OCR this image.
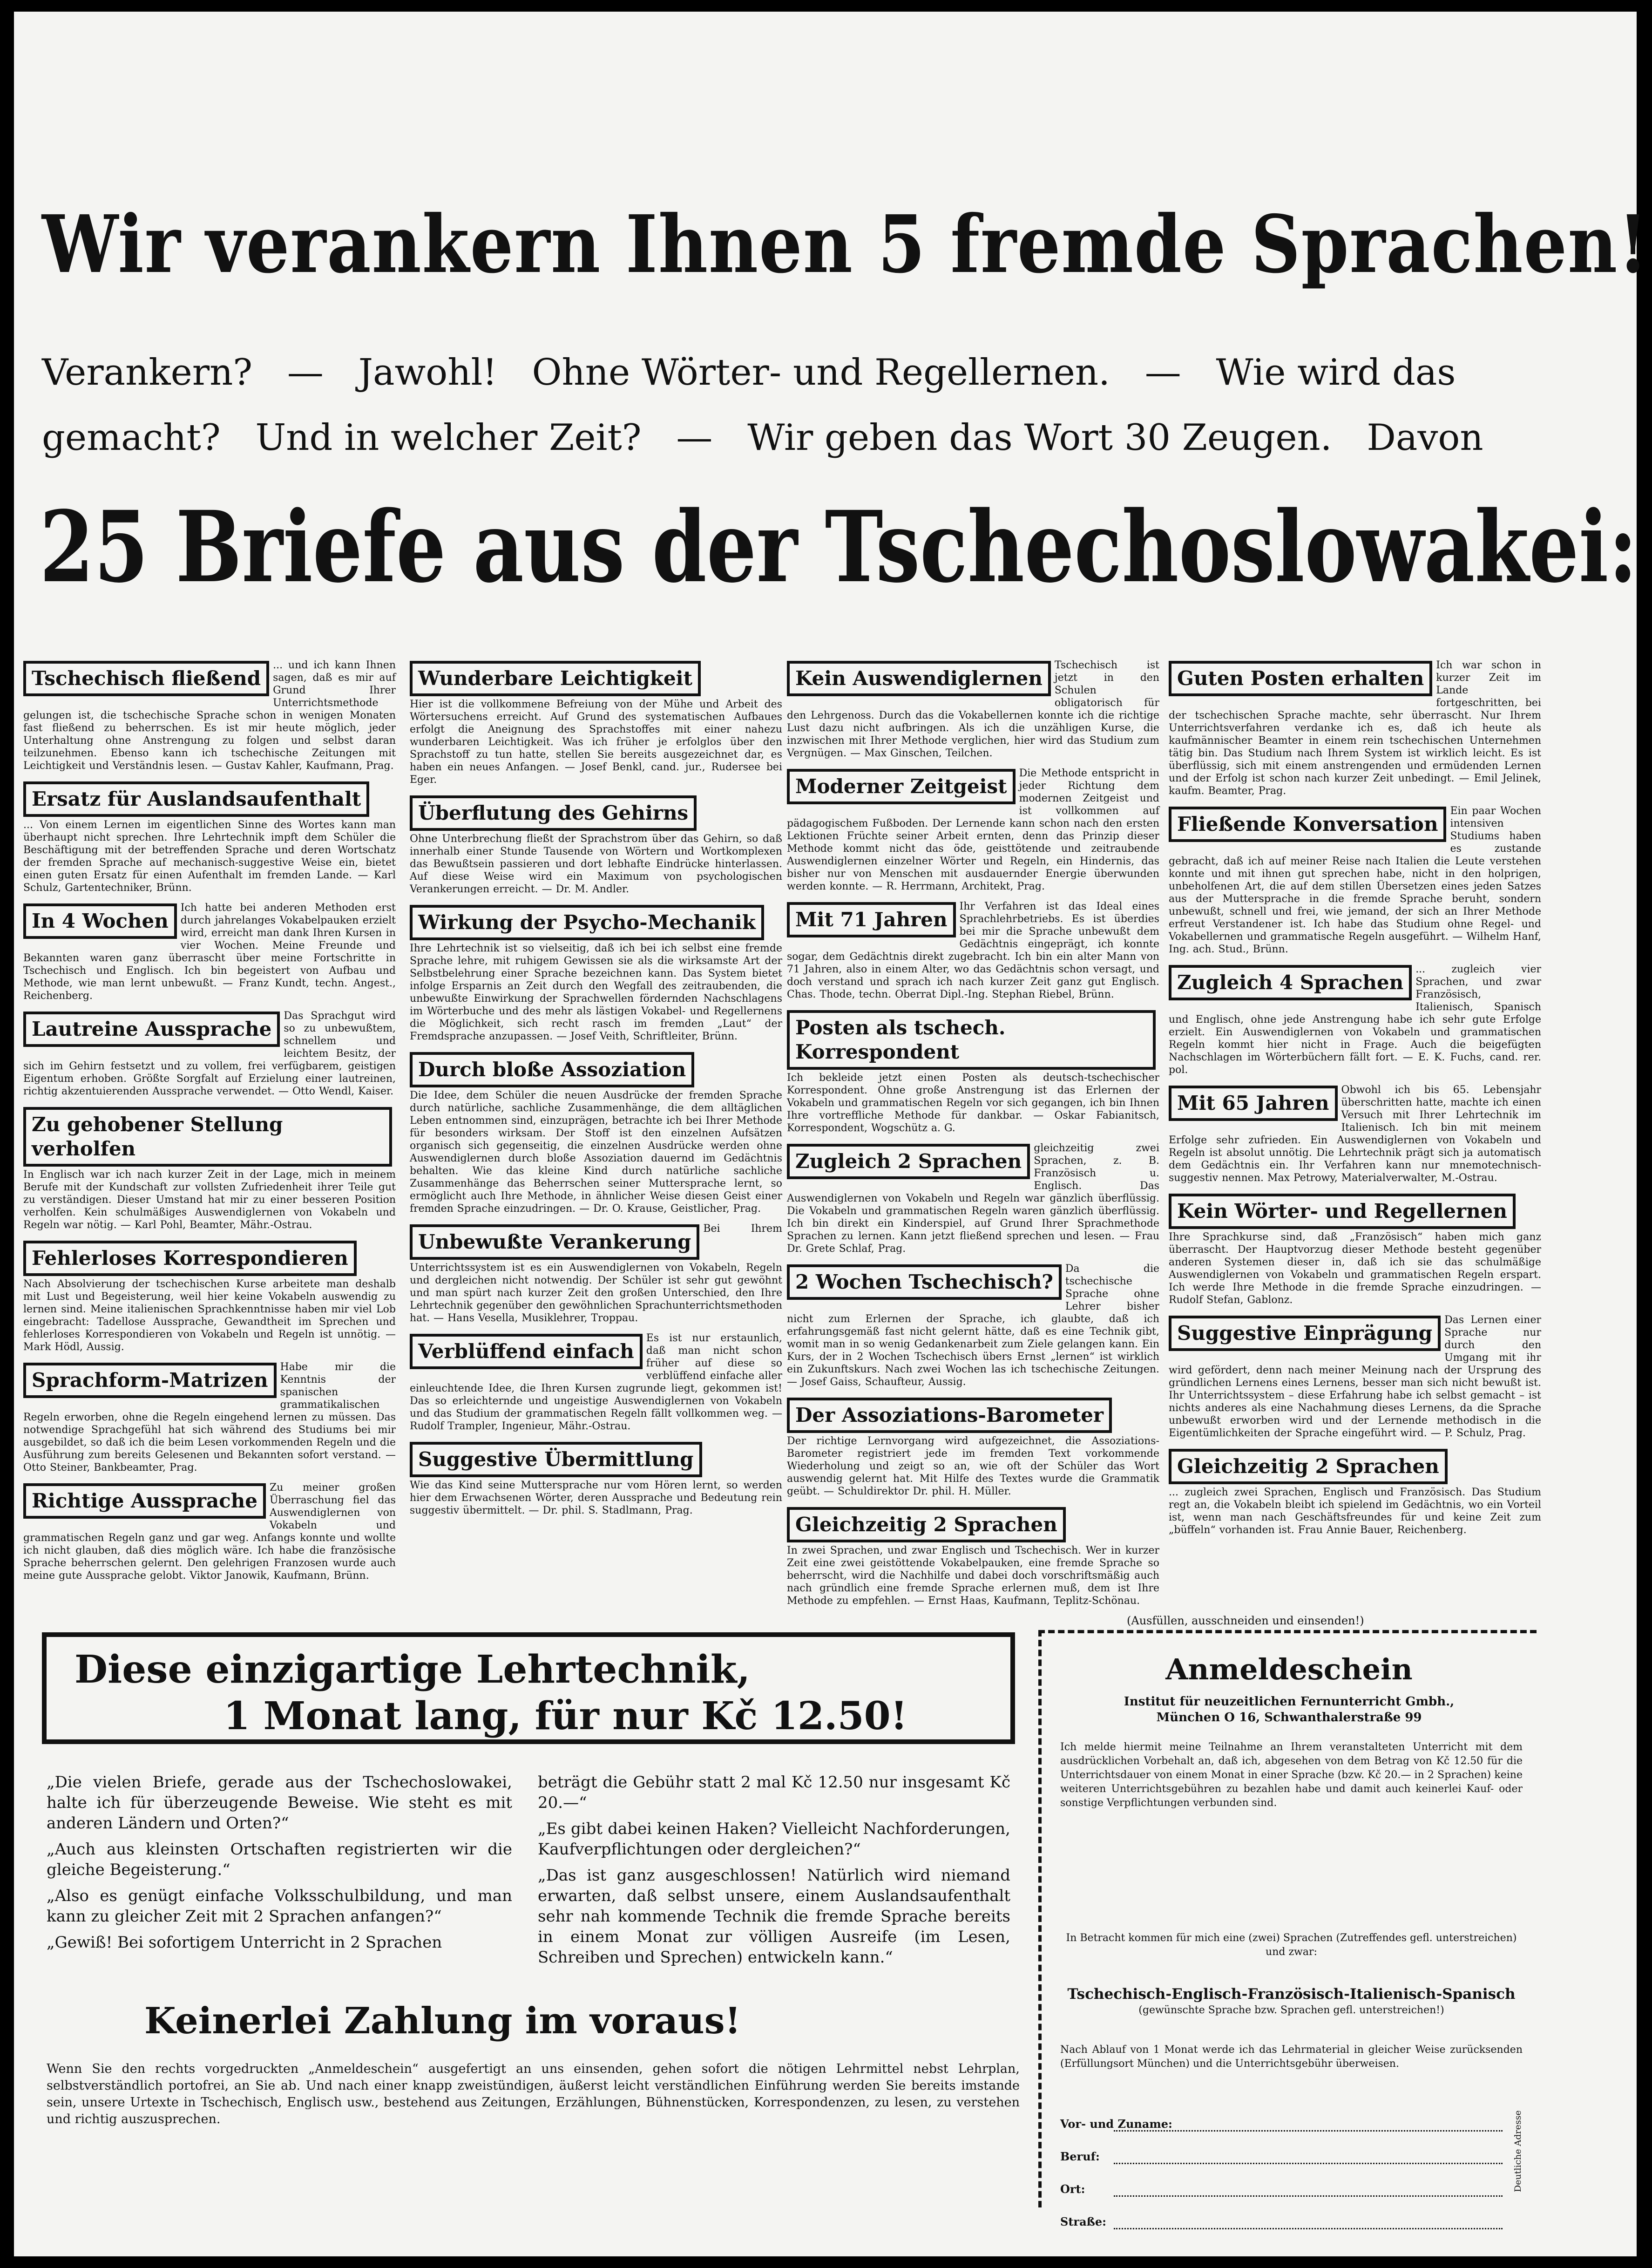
Wir verankern Ihnen 5 fremde Sprachen!
Verankern? — Jawohl! Ohne Wörter- und Regellernen. — Wie wird das
gemacht? Und in welcher Zeit? — Wir geben das Wort 30 Zeugen. Davon
25 Briefe aus der Tschechoslowakei:
Tschechisch fließend
... und ich kann Ihnen sagen, daß es mir auf Grund Ihrer Unterrichtsmethode gelungen ist, die tschechische Sprache schon in wenigen Monaten fast fließend zu beherrschen. Es ist mir heute möglich, jeder Unterhaltung ohne Anstrengung zu folgen und selbst daran teilzunehmen. Ebenso kann ich tschechische Zeitungen mit Leichtigkeit und Verständnis lesen. — Gustav Kahler, Kaufmann, Prag.
Ersatz für Auslandsaufenthalt
... Von einem Lernen im eigentlichen Sinne des Wortes kann man überhaupt nicht sprechen. Ihre Lehrtechnik impft dem Schüler die Beschäftigung mit der betreffenden Sprache und deren Wortschatz der fremden Sprache auf mechanisch-suggestive Weise ein, bietet einen guten Ersatz für einen Aufenthalt im fremden Lande. — Karl Schulz, Gartentechniker, Brünn.
In 4 Wochen
Ich hatte bei anderen Methoden erst durch jahrelanges Vokabelpauken erzielt wird, erreicht man dank Ihren Kursen in vier Wochen. Meine Freunde und Bekannten waren ganz überrascht über meine Fortschritte in Tschechisch und Englisch. Ich bin begeistert von Aufbau und Methode, wie man lernt unbewußt. — Franz Kundt, techn. Angest., Reichenberg.
Lautreine Aussprache
Das Sprachgut wird so zu unbewußtem, schnellem und leichtem Besitz, der sich im Gehirn festsetzt und zu vollem, frei verfügbarem, geistigen Eigentum erhoben. Größte Sorgfalt auf Erzielung einer lautreinen, richtig akzentuierenden Aussprache verwendet. — Otto Wendl, Kaiser.
Zu gehobener Stellung verholfen
In Englisch war ich nach kurzer Zeit in der Lage, mich in meinem Berufe mit der Kundschaft zur vollsten Zufriedenheit ihrer Teile gut zu verständigen. Dieser Umstand hat mir zu einer besseren Position verholfen. Kein schulmäßiges Auswendiglernen von Vokabeln und Regeln war nötig. — Karl Pohl, Beamter, Mähr.-Ostrau.
Fehlerloses Korrespondieren
Nach Absolvierung der tschechischen Kurse arbeitete man deshalb mit Lust und Begeisterung, weil hier keine Vokabeln auswendig zu lernen sind. Meine italienischen Sprachkenntnisse haben mir viel Lob eingebracht: Tadellose Aussprache, Gewandtheit im Sprechen und fehlerloses Korrespondieren von Vokabeln und Regeln ist unnötig. — Mark Hödl, Aussig.
Sprachform-Matrizen
Habe mir die Kenntnis der spanischen grammatikalischen Regeln erworben, ohne die Regeln eingehend lernen zu müssen. Das notwendige Sprachgefühl hat sich während des Studiums bei mir ausgebildet, so daß ich die beim Lesen vorkommenden Regeln und die Ausführung zum bereits Gelesenen und Bekannten sofort verstand. — Otto Steiner, Bankbeamter, Prag.
Richtige Aussprache
Zu meiner großen Überraschung fiel das Auswendiglernen von Vokabeln und grammatischen Regeln ganz und gar weg. Anfangs konnte und wollte ich nicht glauben, daß dies möglich wäre. Ich habe die französische Sprache beherrschen gelernt. Den gelehrigen Franzosen wurde auch meine gute Aussprache gelobt. Viktor Janowik, Kaufmann, Brünn.
Wunderbare Leichtigkeit
Hier ist die vollkommene Befreiung von der Mühe und Arbeit des Wörtersuchens erreicht. Auf Grund des systematischen Aufbaues erfolgt die Aneignung des Sprachstoffes mit einer nahezu wunderbaren Leichtigkeit. Was ich früher je erfolglos über den Sprachstoff zu tun hatte, stellen Sie bereits ausgezeichnet dar, es haben ein neues Anfangen. — Josef Benkl, cand. jur., Rudersee bei Eger.
Überflutung des Gehirns
Ohne Unterbrechung fließt der Sprachstrom über das Gehirn, so daß innerhalb einer Stunde Tausende von Wörtern und Wortkomplexen das Bewußtsein passieren und dort lebhafte Eindrücke hinterlassen. Auf diese Weise wird ein Maximum von psychologischen Verankerungen erreicht. — Dr. M. Andler.
Wirkung der Psycho-Mechanik
Ihre Lehrtechnik ist so vielseitig, daß ich bei ich selbst eine fremde Sprache lehre, mit ruhigem Gewissen sie als die wirksamste Art der Selbstbelehrung einer Sprache bezeichnen kann. Das System bietet infolge Ersparnis an Zeit durch den Wegfall des zeitraubenden, die unbewußte Einwirkung der Sprachwellen fördernden Nachschlagens im Wörterbuche und des mehr als lästigen Vokabel- und Regellernens die Möglichkeit, sich recht rasch im fremden „Laut“ der Fremdsprache anzupassen. — Josef Veith, Schriftleiter, Brünn.
Durch bloße Assoziation
Die Idee, dem Schüler die neuen Ausdrücke der fremden Sprache durch natürliche, sachliche Zusammenhänge, die dem alltäglichen Leben entnommen sind, einzuprägen, betrachte ich bei Ihrer Methode für besonders wirksam. Der Stoff ist den einzelnen Aufsätzen organisch sich gegenseitig, die einzelnen Ausdrücke werden ohne Auswendiglernen durch bloße Assoziation dauernd im Gedächtnis behalten. Wie das kleine Kind durch natürliche sachliche Zusammenhänge das Beherrschen seiner Muttersprache lernt, so ermöglicht auch Ihre Methode, in ähnlicher Weise diesen Geist einer fremden Sprache einzudringen. — Dr. O. Krause, Geistlicher, Prag.
Unbewußte Verankerung
Bei Ihrem Unterrichtssystem ist es ein Auswendiglernen von Vokabeln, Regeln und dergleichen nicht notwendig. Der Schüler ist sehr gut gewöhnt und man spürt nach kurzer Zeit den großen Unterschied, den Ihre Lehrtechnik gegenüber den gewöhnlichen Sprachunterrichtsmethoden hat. — Hans Vesella, Musiklehrer, Troppau.
Verblüffend einfach
Es ist nur erstaunlich, daß man nicht schon früher auf diese so verblüffend einfache aller einleuchtende Idee, die Ihren Kursen zugrunde liegt, gekommen ist! Das so erleichternde und ungeistige Auswendiglernen von Vokabeln und das Studium der grammatischen Regeln fällt vollkommen weg. — Rudolf Trampler, Ingenieur, Mähr.-Ostrau.
Suggestive Übermittlung
Wie das Kind seine Muttersprache nur vom Hören lernt, so werden hier dem Erwachsenen Wörter, deren Aussprache und Bedeutung rein suggestiv übermittelt. — Dr. phil. S. Stadlmann, Prag.
Kein Auswendiglernen
Tschechisch ist jetzt in den Schulen obligatorisch für den Lehrgenoss. Durch das die Vokabellernen konnte ich die richtige Lust dazu nicht aufbringen. Als ich die unzähligen Kurse, die inzwischen mit Ihrer Methode verglichen, hier wird das Studium zum Vergnügen. — Max Ginschen, Teilchen.
Moderner Zeitgeist
Die Methode entspricht in jeder Richtung dem modernen Zeitgeist und ist vollkommen auf pädagogischem Fußboden. Der Lernende kann schon nach den ersten Lektionen Früchte seiner Arbeit ernten, denn das Prinzip dieser Methode kommt nicht das öde, geisttötende und zeitraubende Auswendiglernen einzelner Wörter und Regeln, ein Hindernis, das bisher nur von Menschen mit ausdauernder Energie überwunden werden konnte. — R. Herrmann, Architekt, Prag.
Mit 71 Jahren
Ihr Verfahren ist das Ideal eines Sprachlehrbetriebs. Es ist überdies bei mir die Sprache unbewußt dem Gedächtnis eingeprägt, ich konnte sogar, dem Gedächtnis direkt zugebracht. Ich bin ein alter Mann von 71 Jahren, also in einem Alter, wo das Gedächtnis schon versagt, und doch verstand und sprach ich nach kurzer Zeit ganz gut Englisch. Chas. Thode, techn. Oberrat Dipl.-Ing. Stephan Riebel, Brünn.
Posten als tschech. Korrespondent
Ich bekleide jetzt einen Posten als deutsch-tschechischer Korrespondent. Ohne große Anstrengung ist das Erlernen der Vokabeln und grammatischen Regeln vor sich gegangen, ich bin Ihnen Ihre vortreffliche Methode für dankbar. — Oskar Fabianitsch, Korrespondent, Wogschütz a. G.
Zugleich 2 Sprachen
gleichzeitig zwei Sprachen, z. B. Französisch u. Englisch. Das Auswendiglernen von Vokabeln und Regeln war gänzlich überflüssig. Die Vokabeln und grammatischen Regeln waren gänzlich überflüssig. Ich bin direkt ein Kinderspiel, auf Grund Ihrer Sprachmethode Sprachen zu lernen. Kann jetzt fließend sprechen und lesen. — Frau Dr. Grete Schlaf, Prag.
2 Wochen Tschechisch?
Da die tschechische Sprache ohne Lehrer bisher nicht zum Erlernen der Sprache, ich glaubte, daß ich erfahrungsgemäß fast nicht gelernt hätte, daß es eine Technik gibt, womit man in so wenig Gedankenarbeit zum Ziele gelangen kann. Ein Kurs, der in 2 Wochen Tschechisch übers Ernst „lernen“ ist wirklich ein Zukunftskurs. Nach zwei Wochen las ich tschechische Zeitungen. — Josef Gaiss, Schaufteur, Aussig.
Der Assoziations-Barometer
Der richtige Lernvorgang wird aufgezeichnet, die Assoziations-Barometer registriert jede im fremden Text vorkommende Wiederholung und zeigt so an, wie oft der Schüler das Wort auswendig gelernt hat. Mit Hilfe des Textes wurde die Grammatik geübt. — Schuldirektor Dr. phil. H. Müller.
Gleichzeitig 2 Sprachen
In zwei Sprachen, und zwar Englisch und Tschechisch. Wer in kurzer Zeit eine zwei geistöttende Vokabelpauken, eine fremde Sprache so beherrscht, wird die Nachhilfe und dabei doch vorschriftsmäßig auch nach gründlich eine fremde Sprache erlernen muß, dem ist Ihre Methode zu empfehlen. — Ernst Haas, Kaufmann, Teplitz-Schönau.
Guten Posten erhalten
Ich war schon in kurzer Zeit im Lande fortgeschritten, bei der tschechischen Sprache machte, sehr überrascht. Nur Ihrem Unterrichtsverfahren verdanke ich es, daß ich heute als kaufmännischer Beamter in einem rein tschechischen Unternehmen tätig bin. Das Studium nach Ihrem System ist wirklich leicht. Es ist überflüssig, sich mit einem anstrengenden und ermüdenden Lernen und der Erfolg ist schon nach kurzer Zeit unbedingt. — Emil Jelinek, kaufm. Beamter, Prag.
Fließende Konversation
Ein paar Wochen intensiven Studiums haben es zustande gebracht, daß ich auf meiner Reise nach Italien die Leute verstehen konnte und mit ihnen gut sprechen habe, nicht in den holprigen, unbeholfenen Art, die auf dem stillen Übersetzen eines jeden Satzes aus der Muttersprache in die fremde Sprache beruht, sondern unbewußt, schnell und frei, wie jemand, der sich an Ihrer Methode erfreut Verstandener ist. Ich habe das Studium ohne Regel- und Vokabellernen und grammatische Regeln ausgeführt. — Wilhelm Hanf, Ing. ach. Stud., Brünn.
Zugleich 4 Sprachen
... zugleich vier Sprachen, und zwar Französisch, Italienisch, Spanisch und Englisch, ohne jede Anstrengung habe ich sehr gute Erfolge erzielt. Ein Auswendiglernen von Vokabeln und grammatischen Regeln kommt hier nicht in Frage. Auch die beigefügten Nachschlagen im Wörterbüchern fällt fort. — E. K. Fuchs, cand. rer. pol.
Mit 65 Jahren
Obwohl ich bis 65. Lebensjahr überschritten hatte, machte ich einen Versuch mit Ihrer Lehrtechnik im Italienisch. Ich bin mit meinem Erfolge sehr zufrieden. Ein Auswendiglernen von Vokabeln und Regeln ist absolut unnötig. Die Lehrtechnik prägt sich ja automatisch dem Gedächtnis ein. Ihr Verfahren kann nur mnemotechnisch-suggestiv nennen. Max Petrowy, Materialverwalter, M.-Ostrau.
Kein Wörter- und Regellernen
Ihre Sprachkurse sind, daß „Französisch“ haben mich ganz überrascht. Der Hauptvorzug dieser Methode besteht gegenüber anderen Systemen dieser in, daß ich sie das schulmäßige Auswendiglernen von Vokabeln und grammatischen Regeln erspart. Ich werde Ihre Methode in die fremde Sprache einzudringen. — Rudolf Stefan, Gablonz.
Suggestive Einprägung
Das Lernen einer Sprache nur durch den Umgang mit ihr wird gefördert, denn nach meiner Meinung nach der Ursprung des gründlichen Lernens eines Lernens, besser man sich nicht bewußt ist. Ihr Unterrichtssystem – diese Erfahrung habe ich selbst gemacht – ist nichts anderes als eine Nachahmung dieses Lernens, da die Sprache unbewußt erworben wird und der Lernende methodisch in die Eigentümlichkeiten der Sprache eingeführt wird. — P. Schulz, Prag.
Gleichzeitig 2 Sprachen
... zugleich zwei Sprachen, Englisch und Französisch. Das Studium regt an, die Vokabeln bleibt ich spielend im Gedächtnis, wo ein Vorteil ist, wenn man nach Geschäftsfreundes für und keine Zeit zum „büffeln“ vorhanden ist. Frau Annie Bauer, Reichenberg.
Diese einzigartige Lehrtechnik,
1 Monat lang, für nur Kč 12.50!

„Die vielen Briefe, gerade aus der Tschechoslowakei, halte ich für überzeugende Beweise. Wie steht es mit anderen Ländern und Orten?“

„Auch aus kleinsten Ortschaften registrierten wir die gleiche Begeisterung.“

„Also es genügt einfache Volksschulbildung, und man kann zu gleicher Zeit mit 2 Sprachen anfangen?“

„Gewiß! Bei sofortigem Unterricht in 2 Sprachen

beträgt die Gebühr statt 2 mal Kč 12.50 nur insgesamt Kč 20.—“

„Es gibt dabei keinen Haken? Vielleicht Nachforderungen, Kaufverpflichtungen oder dergleichen?“

„Das ist ganz ausgeschlossen! Natürlich wird niemand erwarten, daß selbst unsere, einem Auslandsaufenthalt sehr nah kommende Technik die fremde Sprache bereits in einem Monat zur völligen Ausreife (im Lesen, Schreiben und Sprechen) entwickeln kann.“

Keinerlei Zahlung im voraus!
Wenn Sie den rechts vorgedruckten „Anmeldeschein“ ausgefertigt an uns einsenden, gehen sofort die nötigen Lehrmittel nebst Lehrplan, selbstverständlich portofrei, an Sie ab. Und nach einer knapp zweistündigen, äußerst leicht verständlichen Einführung werden Sie bereits imstande sein, unsere Urtexte in Tschechisch, Englisch usw., bestehend aus Zeitungen, Erzählungen, Bühnenstücken, Korrespondenzen, zu lesen, zu verstehen und richtig auszusprechen.
(Ausfüllen, ausschneiden und einsenden!)
Anmeldeschein
Institut für neuzeitlichen Fernunterricht Gmbh.,
München O 16, Schwanthalerstraße 99
Ich melde hiermit meine Teilnahme an Ihrem veranstalteten Unterricht mit dem ausdrücklichen Vorbehalt an, daß ich, abgesehen von dem Betrag von Kč 12.50 für die Unterrichtsdauer von einem Monat in einer Sprache (bzw. Kč 20.— in 2 Sprachen) keine weiteren Unterrichtsgebühren zu bezahlen habe und damit auch keinerlei Kauf- oder sonstige Verpflichtungen verbunden sind.
In Betracht kommen für mich eine (zwei) Sprachen (Zutreffendes gefl. unterstreichen) und zwar:
Tschechisch-Englisch-Französisch-Italienisch-Spanisch
(gewünschte Sprache bzw. Sprachen gefl. unterstreichen!)
Nach Ablauf von 1 Monat werde ich das Lehrmaterial in gleicher Weise zurücksenden (Erfüllungsort München) und die Unterrichtsgebühr überweisen.
Vor- und Zuname:
Beruf:
Ort:
Straße:
Deutliche Adresse
